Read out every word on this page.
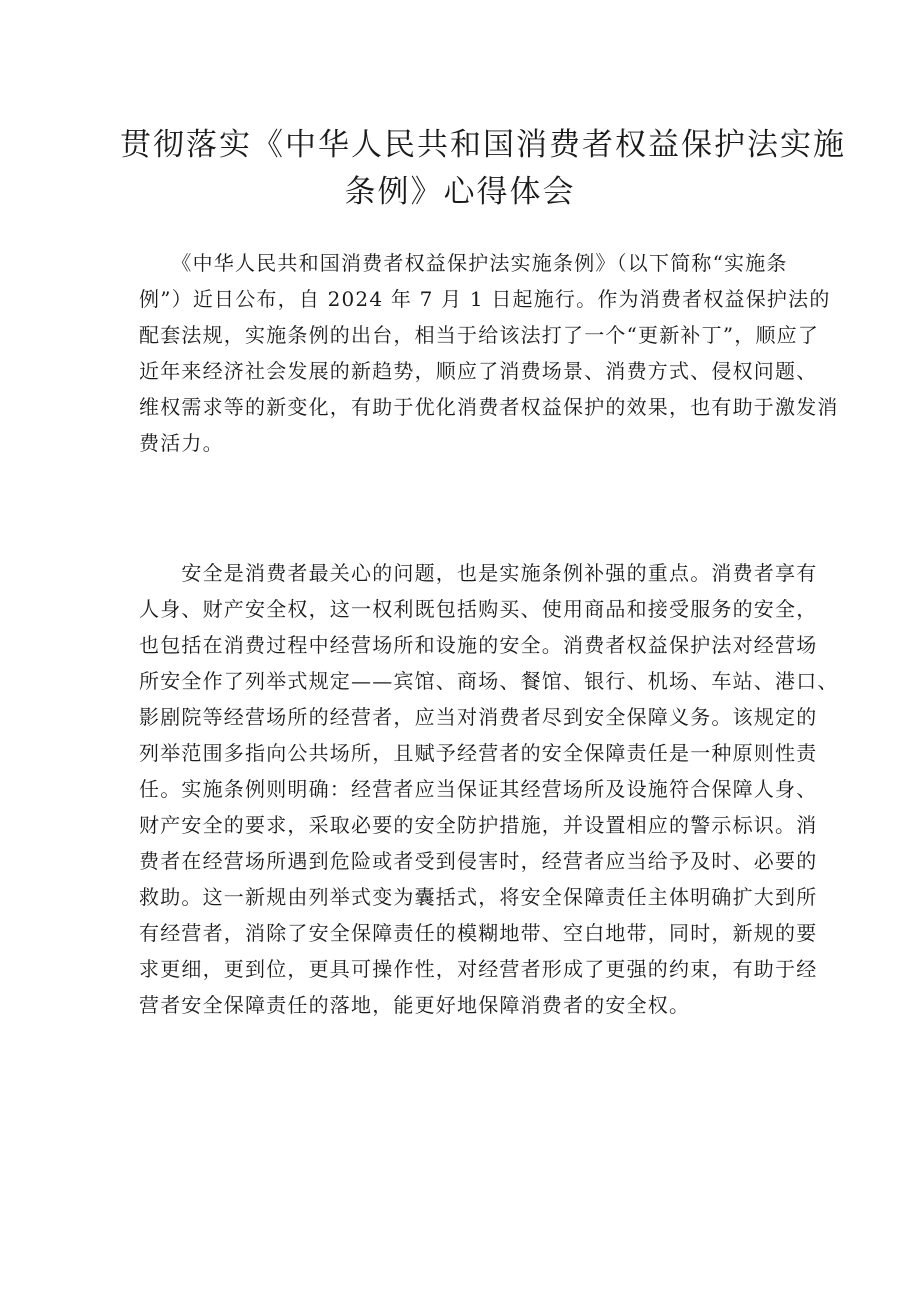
贯彻落实《中华人民共和国消费者权益保护法实施
条例》心得体会

　　《中华人民共和国消费者权益保护法实施条例》（以下简称“实施条
例”）近日公布，自 2024 年 7 月 1 日起施行。作为消费者权益保护法的
配套法规，实施条例的出台，相当于给该法打了一个“更新补丁”，顺应了
近年来经济社会发展的新趋势，顺应了消费场景、消费方式、侵权问题、
维权需求等的新变化，有助于优化消费者权益保护的效果，也有助于激发消
费活力。

　　安全是消费者最关心的问题，也是实施条例补强的重点。消费者享有
人身、财产安全权，这一权利既包括购买、使用商品和接受服务的安全，
也包括在消费过程中经营场所和设施的安全。消费者权益保护法对经营场
所安全作了列举式规定——宾馆、商场、餐馆、银行、机场、车站、港口、
影剧院等经营场所的经营者，应当对消费者尽到安全保障义务。该规定的
列举范围多指向公共场所，且赋予经营者的安全保障责任是一种原则性责
任。实施条例则明确：经营者应当保证其经营场所及设施符合保障人身、
财产安全的要求，采取必要的安全防护措施，并设置相应的警示标识。消
费者在经营场所遇到危险或者受到侵害时，经营者应当给予及时、必要的
救助。这一新规由列举式变为囊括式，将安全保障责任主体明确扩大到所
有经营者，消除了安全保障责任的模糊地带、空白地带，同时，新规的要
求更细，更到位，更具可操作性，对经营者形成了更强的约束，有助于经
营者安全保障责任的落地，能更好地保障消费者的安全权。
